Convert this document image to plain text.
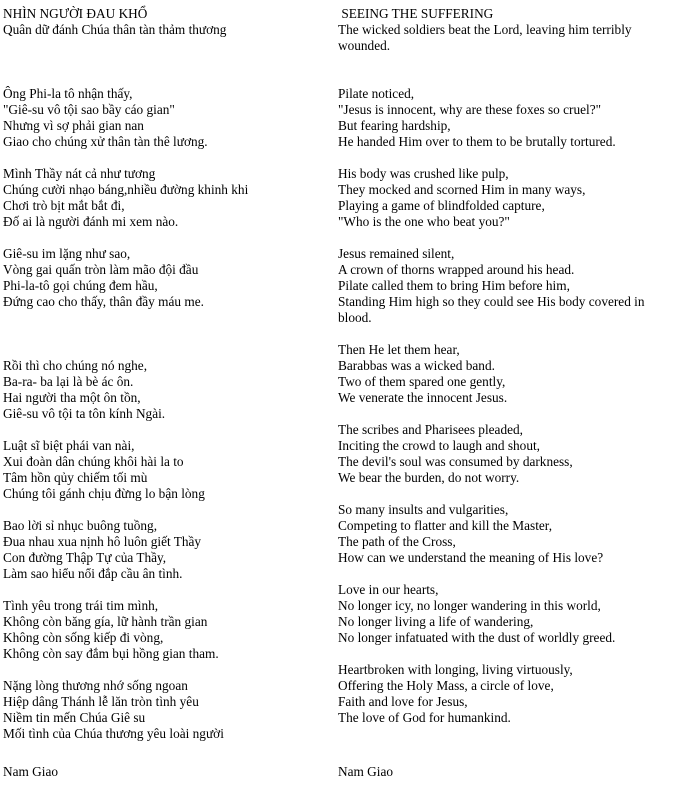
NHÌN NGƯỜI ĐAU KHỔ
Quân dữ đánh Chúa thân tàn thảm thương
Ông Phi-la tô nhận thấy,
"Giê-su vô tội sao bầy cáo gian"
Nhưng vì sợ phải gian nan
Giao cho chúng xử thân tàn thê lương.
Mình Thầy nát cả như tương
Chúng cười nhạo báng,nhiều đường khinh khi
Chơi trò bịt mắt bắt đi,
Đố ai là người đánh mi xem nào.
Giê-su im lặng như sao,
Vòng gai quấn tròn làm mão đội đầu
Phi-la-tô gọi chúng đem hầu,
Đứng cao cho thấy, thân đầy máu me.
Rồi thì cho chúng nó nghe,
Ba-ra- ba lại là bè ác ôn.
Hai người tha một ôn tồn,
Giê-su vô tội ta tôn kính Ngài.
Luật sĩ biệt phái van nài,
Xui đoàn dân chúng khôi hài la to
Tâm hồn qủy chiếm tối mù
Chúng tôi gánh chịu đừng lo bận lòng
Bao lời sỉ nhục buông tuồng,
Đua nhau xua nịnh hô luôn giết Thầy
Con đường Thập Tự của Thầy,
Làm sao hiểu nổi đắp cầu ân tình.
Tình yêu trong trái tim mình,
Không còn băng gía, lữ hành trần gian
Không còn sống kiếp đi vòng,
Không còn say đắm bụi hồng gian tham.
Nặng lòng thương nhớ sống ngoan
Hiệp dâng Thánh lễ lăn tròn tình yêu
Niềm tin mến Chúa Giê su
Mối tình của Chúa thương yêu loài người
Nam Giao
SEEING THE SUFFERING
The wicked soldiers beat the Lord, leaving him terribly wounded.
Pilate noticed,
"Jesus is innocent, why are these foxes so cruel?"
But fearing hardship,
He handed Him over to them to be brutally tortured.
His body was crushed like pulp,
They mocked and scorned Him in many ways,
Playing a game of blindfolded capture,
"Who is the one who beat you?"
Jesus remained silent,
A crown of thorns wrapped around his head.
Pilate called them to bring Him before him,
Standing Him high so they could see His body covered in blood.
Then He let them hear,
Barabbas was a wicked band.
Two of them spared one gently,
We venerate the innocent Jesus.
The scribes and Pharisees pleaded,
Inciting the crowd to laugh and shout,
The devil's soul was consumed by darkness,
We bear the burden, do not worry.
So many insults and vulgarities,
Competing to flatter and kill the Master,
The path of the Cross,
How can we understand the meaning of His love?
Love in our hearts,
No longer icy, no longer wandering in this world,
No longer living a life of wandering,
No longer infatuated with the dust of worldly greed.
Heartbroken with longing, living virtuously,
Offering the Holy Mass, a circle of love,
Faith and love for Jesus,
The love of God for humankind.
Nam Giao
